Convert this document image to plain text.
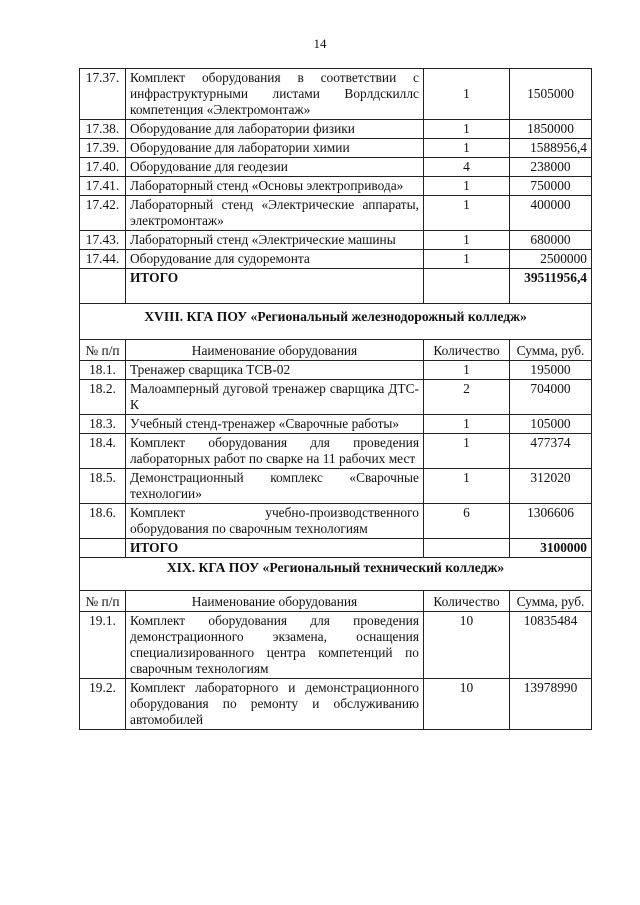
14
17.37.	Комплект оборудования в соответствии с инфраструктурными листами Ворлдскиллс компетенция «Электромонтаж»	1	1505000
17.38.	Оборудование для лаборатории физики	1	1850000
17.39.	Оборудование для лаборатории химии	1	1588956,4
17.40.	Оборудование для геодезии	4	238000
17.41.	Лабораторный стенд «Основы электропривода»	1	750000
17.42.	Лабораторный стенд «Электрические аппараты, электромонтаж»	1	400000
17.43.	Лабораторный стенд «Электрические машины	1	680000
17.44.	Оборудование для судоремонта	1	2500000
	ИТОГО		39511956,4
XVIII. КГА ПОУ «Региональный железнодорожный колледж»			
№ п/п	Наименование оборудования	Количество	Сумма, руб.
18.1.	Тренажер сварщика ТСВ-02	1	195000
18.2.	Малоамперный дуговой тренажер сварщика ДТС-К	2	704000
18.3.	Учебный стенд-тренажер «Сварочные работы»	1	105000
18.4.	Комплект оборудования для проведения лабораторных работ по сварке на 11 рабочих мест	1	477374
18.5.	Демонстрационный комплекс «Сварочные технологии»	1	312020
18.6.	Комплект учебно-производственного оборудования по сварочным технологиям	6	1306606
	ИТОГО		3100000
XIX. КГА ПОУ «Региональный технический колледж»			
№ п/п	Наименование оборудования	Количество	Сумма, руб.
19.1.	Комплект оборудования для проведения демонстрационного экзамена, оснащения специализированного центра компетенций по сварочным технологиям	10	10835484
19.2.	Комплект лабораторного и демонстрационного оборудования по ремонту и обслуживанию автомобилей	10	13978990
